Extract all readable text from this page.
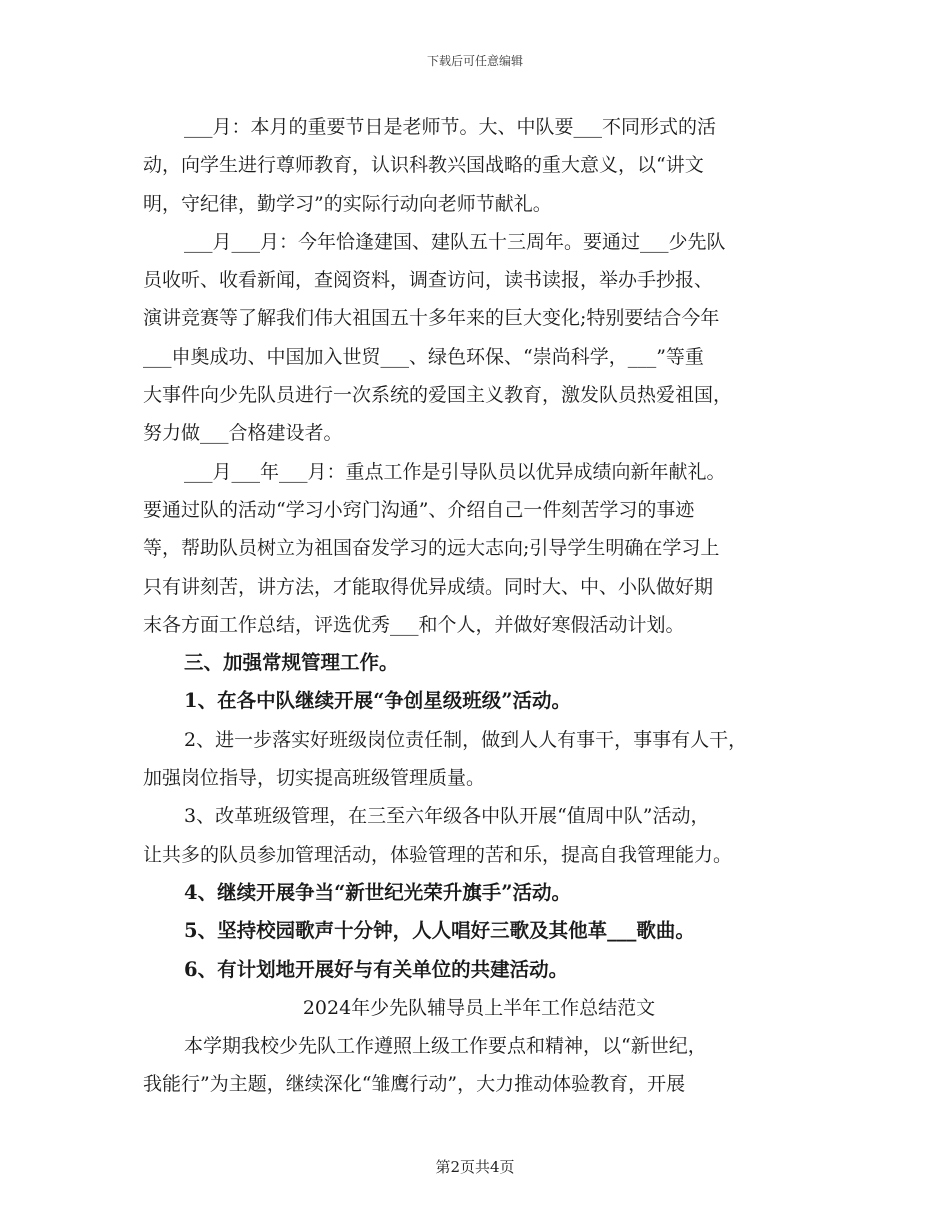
下载后可任意编辑
___月：本月的重要节日是老师节。大、中队要___不同形式的活
动，向学生进行尊师教育，认识科教兴国战略的重大意义，以“讲文
明，守纪律，勤学习”的实际行动向老师节献礼。
___月___月：今年恰逢建国、建队五十三周年。要通过___少先队
员收听、收看新闻，查阅资料，调查访问，读书读报，举办手抄报、
演讲竞赛等了解我们伟大祖国五十多年来的巨大变化;特别要结合今年
___申奥成功、中国加入世贸___、绿色环保、“崇尚科学，___”等重
大事件向少先队员进行一次系统的爱国主义教育，激发队员热爱祖国，
努力做___合格建设者。
___月___年___月：重点工作是引导队员以优异成绩向新年献礼。
要通过队的活动“学习小窍门沟通”、介绍自己一件刻苦学习的事迹
等，帮助队员树立为祖国奋发学习的远大志向;引导学生明确在学习上
只有讲刻苦，讲方法，才能取得优异成绩。同时大、中、小队做好期
末各方面工作总结，评选优秀___和个人，并做好寒假活动计划。
三、加强常规管理工作。
1、在各中队继续开展“争创星级班级”活动。
2、进一步落实好班级岗位责任制，做到人人有事干，事事有人干，
加强岗位指导，切实提高班级管理质量。
3、改革班级管理，在三至六年级各中队开展“值周中队”活动，
让共多的队员参加管理活动，体验管理的苦和乐，提高自我管理能力。
4、继续开展争当“新世纪光荣升旗手”活动。
5、坚持校园歌声十分钟，人人唱好三歌及其他革___歌曲。
6、有计划地开展好与有关单位的共建活动。
2024年少先队辅导员上半年工作总结范文
本学期我校少先队工作遵照上级工作要点和精神，以“新世纪，
我能行”为主题，继续深化“雏鹰行动”，大力推动体验教育，开展
第2页共4页
